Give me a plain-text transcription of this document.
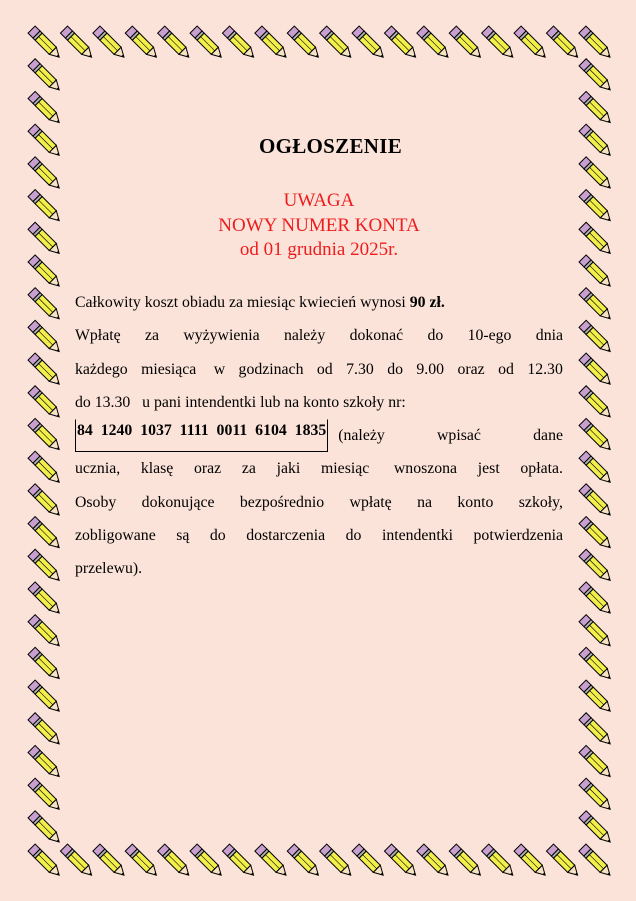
OGŁOSZENIE
UWAGA
NOWY NUMER KONTA
od 01 grudnia 2025r.
Całkowity koszt obiadu za miesiąc kwiecień wynosi 90 zł.
Wpłatę za wyżywienia należy dokonać do 10-ego dnia
każdego miesiąca w godzinach od 7.30 do 9.00 oraz od 12.30
do 13.30   u pani intendentki lub na konto szkoły nr:
84  1240  1037  1111  0011  6104  1835 (należy	wpisać	dane
ucznia, klasę oraz za jaki miesiąc wnoszona jest opłata.
Osoby dokonujące bezpośrednio wpłatę na konto szkoły,
zobligowane są do dostarczenia do intendentki potwierdzenia
przelewu).
